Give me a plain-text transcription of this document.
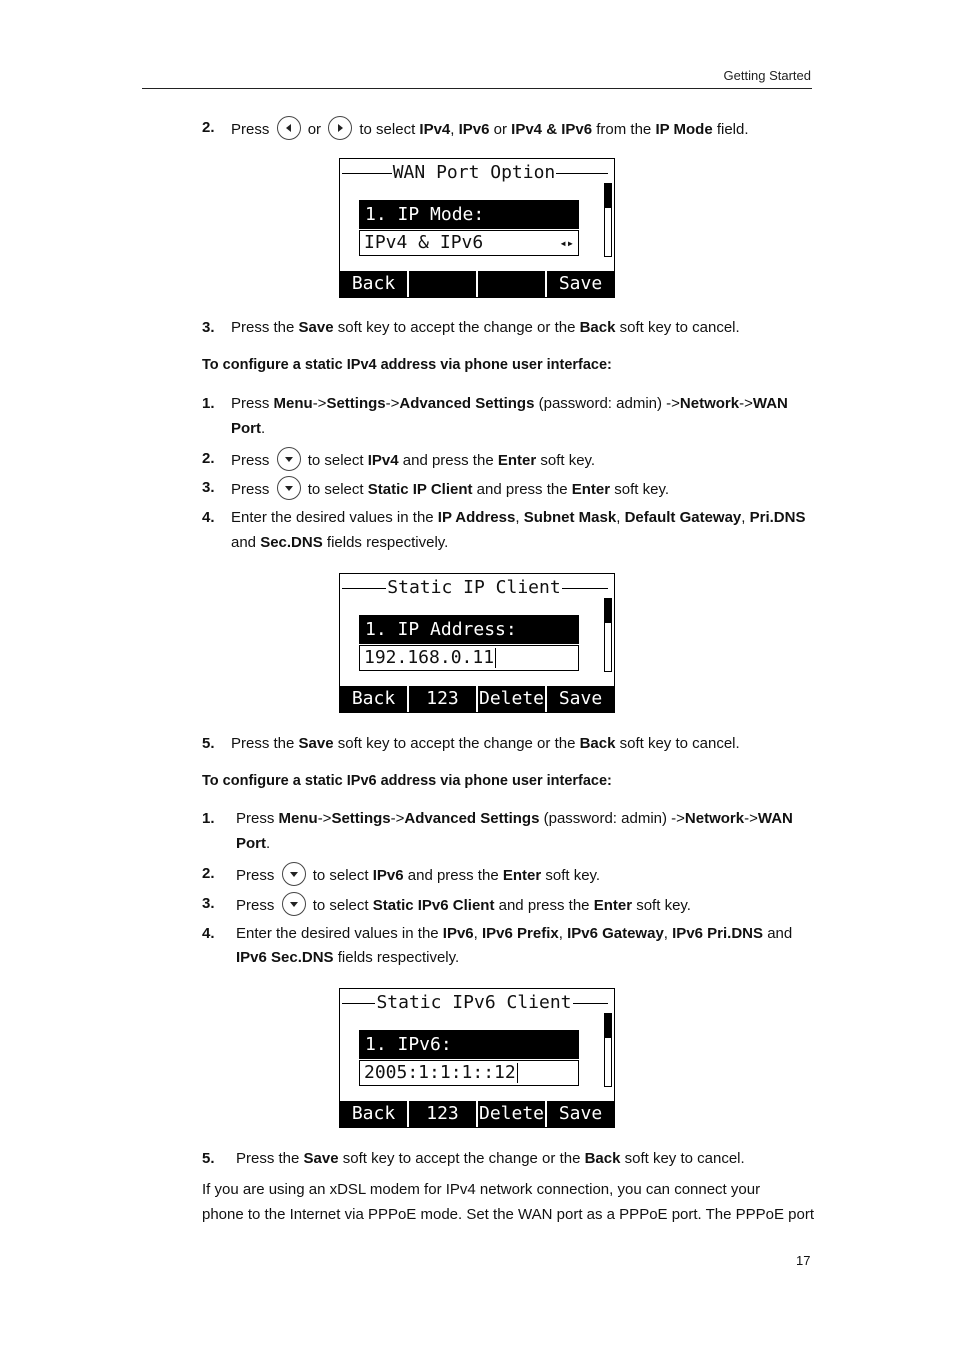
Getting Started
2. Press	or	to select IPv4, IPv6 or IPv4 & IPv6 from the IP Mode field.
WAN Port Option
1. IP Mode:
IPv4 & IPv6	◂▸
Back	Save
3. Press the Save soft key to accept the change or the Back soft key to cancel.
To configure a static IPv4 address via phone user interface:
1. Press Menu->Settings->Advanced Settings (password: admin) ->Network->WAN
Port.
2. Press	to select IPv4 and press the Enter soft key.
3. Press	to select Static IP Client and press the Enter soft key.
4. Enter the desired values in the IP Address, Subnet Mask, Default Gateway, Pri.DNS
and Sec.DNS fields respectively.
Static IP Client
1. IP Address:
192.168.0.11
Back	123	Delete Save
5. Press the Save soft key to accept the change or the Back soft key to cancel.
To configure a static IPv6 address via phone user interface:
1. Press Menu->Settings->Advanced Settings (password: admin) ->Network->WAN
Port.
2. Press	to select IPv6 and press the Enter soft key.
3. Press	to select Static IPv6 Client and press the Enter soft key.
4. Enter the desired values in the IPv6, IPv6 Prefix, IPv6 Gateway, IPv6 Pri.DNS and
IPv6 Sec.DNS fields respectively.
Static IPv6 Client
1. IPv6:
2005:1:1:1::12
Back	123	Delete Save
5. Press the Save soft key to accept the change or the Back soft key to cancel.
If you are using an xDSL modem for IPv4 network connection, you can connect your
phone to the Internet via PPPoE mode. Set the WAN port as a PPPoE port. The PPPoE port
17
